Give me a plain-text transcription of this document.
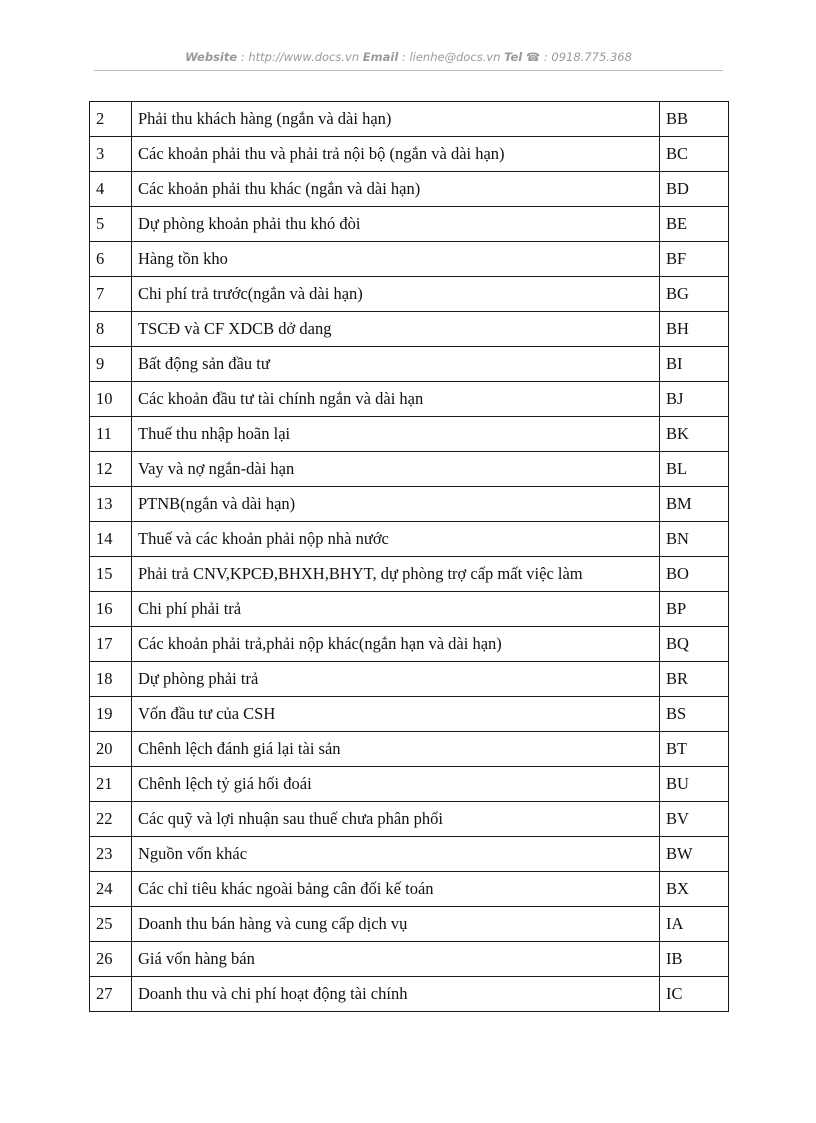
Website : http://www.docs.vn Email : lienhe@docs.vn Tel ☎ : 0918.775.368
2	Phải thu khách hàng (ngắn và dài hạn)	BB
3	Các khoản phải thu và phải trả nội bộ (ngắn và dài hạn)	BC
4	Các khoản phải thu khác (ngắn và dài hạn)	BD
5	Dự phòng khoản phải thu khó đòi	BE
6	Hàng tồn kho	BF
7	Chi phí trả trước(ngắn và dài hạn)	BG
8	TSCĐ và CF XDCB dở dang	BH
9	Bất động sản đầu tư	BI
10	Các khoản đầu tư tài chính ngắn và dài hạn	BJ
11	Thuế thu nhập hoãn lại	BK
12	Vay và nợ ngắn-dài hạn	BL
13	PTNB(ngắn và dài hạn)	BM
14	Thuế và các khoản phải nộp nhà nước	BN
15	Phải trả CNV,KPCĐ,BHXH,BHYT, dự phòng trợ cấp mất việc làm	BO
16	Chi phí phải trả	BP
17	Các khoản phải trả,phải nộp khác(ngắn hạn và dài hạn)	BQ
18	Dự phòng phải trả	BR
19	Vốn đầu tư của CSH	BS
20	Chênh lệch đánh giá lại tài sản	BT
21	Chênh lệch tỷ giá hối đoái	BU
22	Các quỹ và lợi nhuận sau thuế chưa phân phối	BV
23	Nguồn vốn khác	BW
24	Các chỉ tiêu khác ngoài bảng cân đối kế toán	BX
25	Doanh thu bán hàng và cung cấp dịch vụ	IA
26	Giá vốn hàng bán	IB
27	Doanh thu và chi phí hoạt động tài chính	IC
